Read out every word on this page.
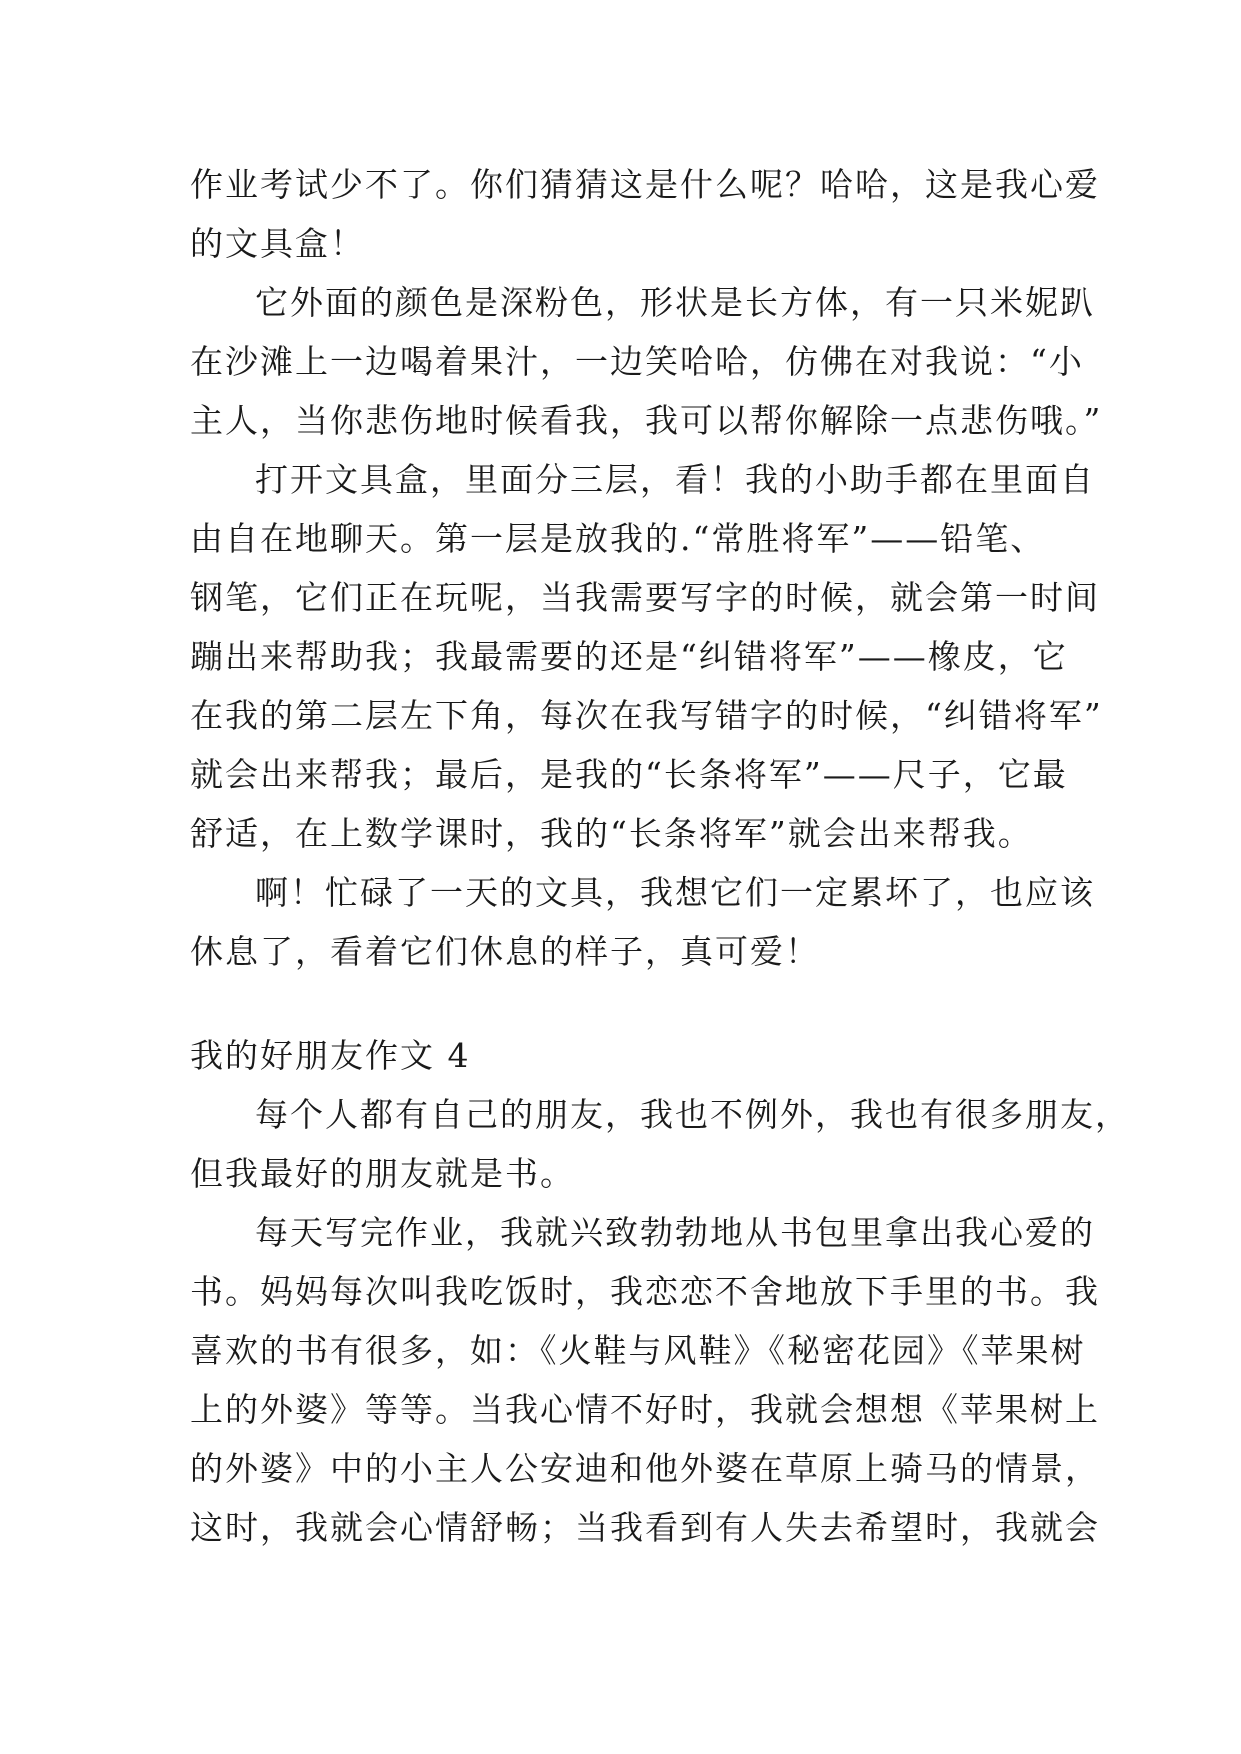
作业考试少不了。你们猜猜这是什么呢？哈哈，这是我心爱
的文具盒！
它外面的颜色是深粉色，形状是长方体，有一只米妮趴
在沙滩上一边喝着果汁，一边笑哈哈，仿佛在对我说：“小
主人，当你悲伤地时候看我，我可以帮你解除一点悲伤哦。”
打开文具盒，里面分三层，看！我的小助手都在里面自
由自在地聊天。第一层是放我的.“常胜将军”——铅笔、
钢笔，它们正在玩呢，当我需要写字的时候，就会第一时间
蹦出来帮助我；我最需要的还是“纠错将军”——橡皮，它
在我的第二层左下角，每次在我写错字的时候，“纠错将军”
就会出来帮我；最后，是我的“长条将军”——尺子，它最
舒适，在上数学课时，我的“长条将军”就会出来帮我。
啊！忙碌了一天的文具，我想它们一定累坏了，也应该
休息了，看着它们休息的样子，真可爱！
我的好朋友作文 4
每个人都有自己的朋友，我也不例外，我也有很多朋友，
但我最好的朋友就是书。
每天写完作业，我就兴致勃勃地从书包里拿出我心爱的
书。妈妈每次叫我吃饭时，我恋恋不舍地放下手里的书。我
喜欢的书有很多，如：《火鞋与风鞋》《秘密花园》《苹果树
上的外婆》等等。当我心情不好时，我就会想想《苹果树上
的外婆》中的小主人公安迪和他外婆在草原上骑马的情景，
这时，我就会心情舒畅；当我看到有人失去希望时，我就会
